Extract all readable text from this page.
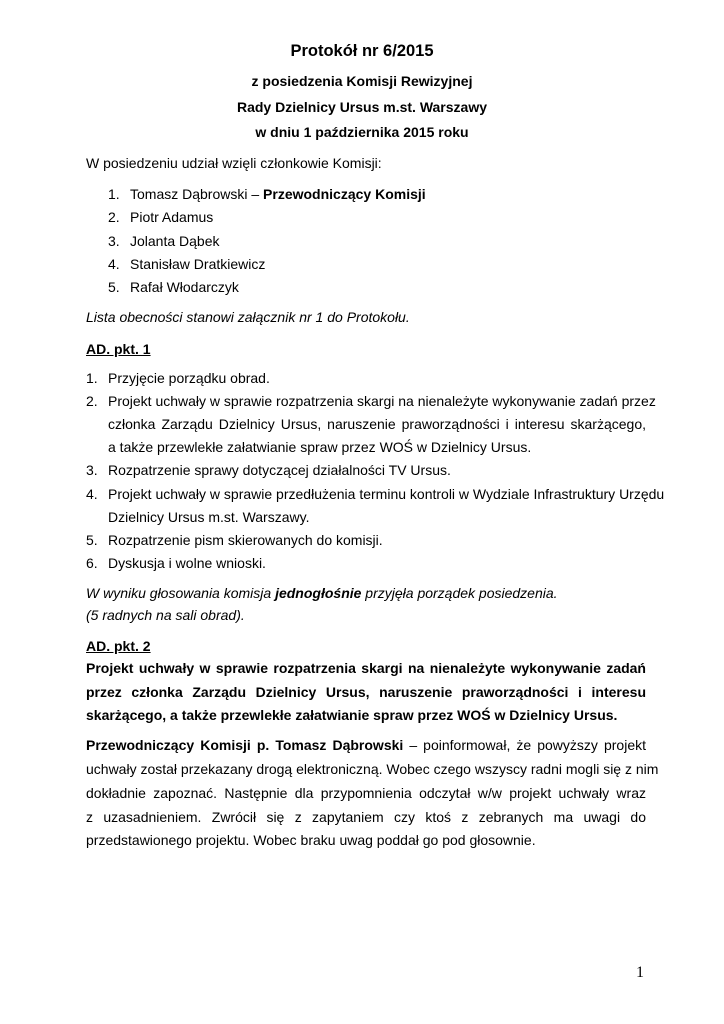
Protokół nr 6/2015
z posiedzenia Komisji Rewizyjnej
Rady Dzielnicy Ursus m.st. Warszawy
w dniu 1 października 2015 roku
W posiedzeniu udział wzięli członkowie Komisji:
1. Tomasz Dąbrowski – Przewodniczący Komisji
2. Piotr Adamus
3. Jolanta Dąbek
4. Stanisław Dratkiewicz
5. Rafał Włodarczyk
Lista obecności stanowi załącznik nr 1 do Protokołu.
AD. pkt. 1
1. Przyjęcie porządku obrad.
2. Projekt uchwały w sprawie rozpatrzenia skargi na nienależyte wykonywanie zadań przez
członka Zarządu Dzielnicy Ursus, naruszenie praworządności i interesu skarżącego,
a także przewlekłe załatwianie spraw przez WOŚ w Dzielnicy Ursus.
3. Rozpatrzenie sprawy dotyczącej działalności TV Ursus.
4. Projekt uchwały w sprawie przedłużenia terminu kontroli w Wydziale Infrastruktury Urzędu
Dzielnicy Ursus m.st. Warszawy.
5. Rozpatrzenie pism skierowanych do komisji.
6. Dyskusja i wolne wnioski.
W wyniku głosowania komisja jednogłośnie przyjęła porządek posiedzenia.
(5 radnych na sali obrad).
AD. pkt. 2
Projekt uchwały w sprawie rozpatrzenia skargi na nienależyte wykonywanie zadań
przez członka Zarządu Dzielnicy Ursus, naruszenie praworządności i interesu
skarżącego, a także przewlekłe załatwianie spraw przez WOŚ w Dzielnicy Ursus.
Przewodniczący Komisji p. Tomasz Dąbrowski – poinformował, że powyższy projekt
uchwały został przekazany drogą elektroniczną. Wobec czego wszyscy radni mogli się z nim
dokładnie zapoznać. Następnie dla przypomnienia odczytał w/w projekt uchwały wraz
z uzasadnieniem. Zwrócił się z zapytaniem czy ktoś z zebranych ma uwagi do
przedstawionego projektu. Wobec braku uwag poddał go pod głosownie.
1
